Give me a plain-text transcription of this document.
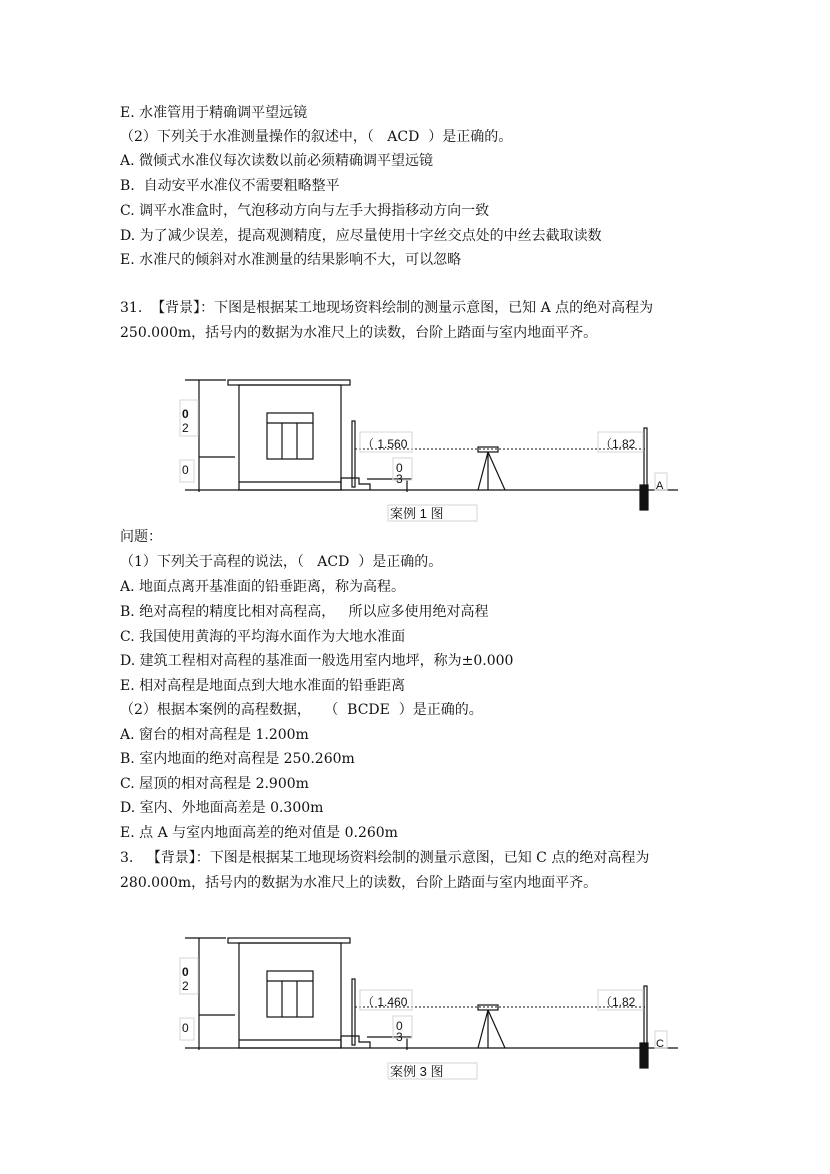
E. 水准管用于精确调平望远镜
（2）下列关于水准测量操作的叙述中，（   ACD  ）是正确的。
A. 微倾式水准仪每次读数以前必须精确调平望远镜
B.  自动安平水准仪不需要粗略整平
C. 调平水准盒时，气泡移动方向与左手大拇指移动方向一致
D. 为了减少误差，提高观测精度，应尽量使用十字丝交点处的中丝去截取读数
E. 水准尺的倾斜对水准测量的结果影响不大，可以忽略
31.  【背景】：下图是根据某工地现场资料绘制的测量示意图，已知 A 点的绝对高程为
250.000m，括号内的数据为水准尺上的读数，台阶上踏面与室内地面平齐。
问题：
（1）下列关于高程的说法，（   ACD  ）是正确的。
A. 地面点离开基准面的铅垂距离，称为高程。
B. 绝对高程的精度比相对高程高，   所以应多使用绝对高程
C. 我国使用黄海的平均海水面作为大地水准面
D. 建筑工程相对高程的基准面一般选用室内地坪，称为±0.000
E. 相对高程是地面点到大地水准面的铅垂距离
（2）根据本案例的高程数据，   （  BCDE  ）是正确的。
A. 窗台的相对高程是 1.200m
B. 室内地面的绝对高程是 250.260m
C. 屋顶的相对高程是 2.900m
D. 室内、外地面高差是 0.300m
E. 点 A 与室内地面高差的绝对值是 0.260m
3.   【背景】：下图是根据某工地现场资料绘制的测量示意图，已知 C 点的绝对高程为
280.000m，括号内的数据为水准尺上的读数，台阶上踏面与室内地面平齐。
0
2
0	0
3
（ 1.560	（1.82
A
案例 1 图
0
2
0	0
3
（ 1.460	（1.82
C
案例 3 图
